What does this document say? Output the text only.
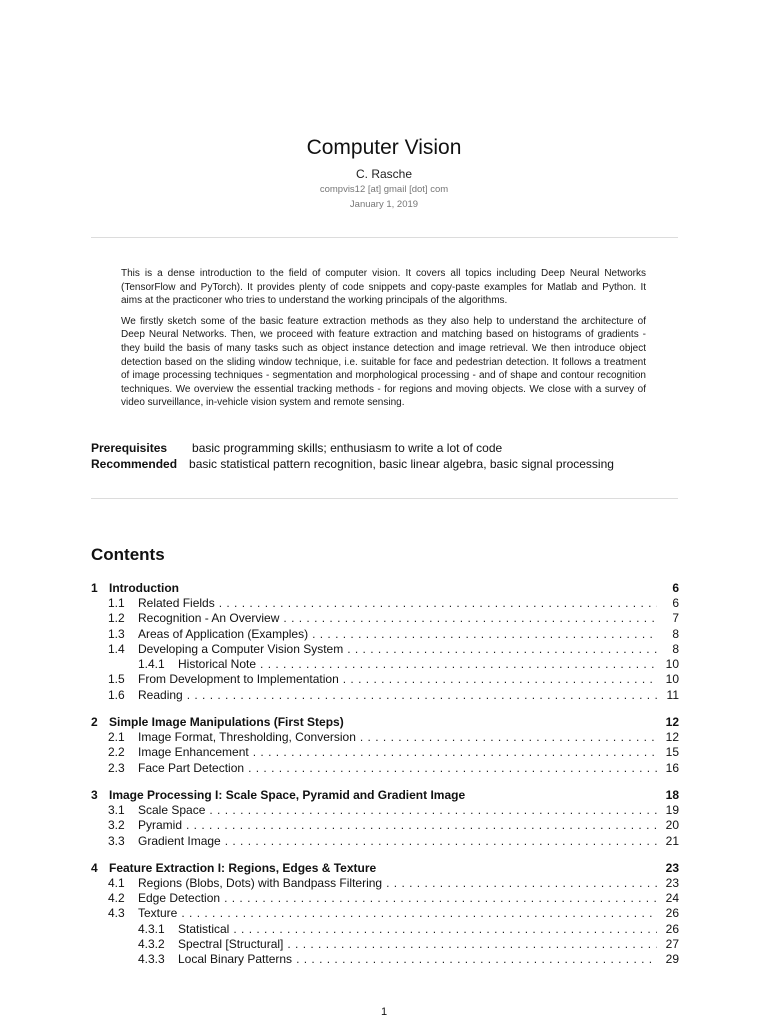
Computer Vision
C. Rasche
compvis12 [at] gmail [dot] com
January 1, 2019

This is a dense introduction to the field of computer vision. It covers all topics including Deep Neural Networks (TensorFlow and PyTorch). It provides plenty of code snippets and copy-paste examples for Matlab and Python. It aims at the practiconer who tries to understand the working principals of the algorithms.

We firstly sketch some of the basic feature extraction methods as they also help to understand the architecture of Deep Neural Networks. Then, we proceed with feature extraction and matching based on histograms of gradients - they build the basis of many tasks such as object instance detection and image retrieval. We then introduce object detection based on the sliding window technique, i.e. suitable for face and pedestrian detection. It follows a treatment of image processing techniques - segmentation and morphological processing - and of shape and contour recognition techniques. We overview the essential tracking methods - for regions and moving objects. We close with a survey of video surveillance, in-vehicle vision system and remote sensing.

Prerequisites basic programming skills; enthusiasm to write a lot of code
Recommended basic statistical pattern recognition, basic linear algebra, basic signal processing
Contents
1 Introduction	6
1.1	Related Fields . . .	6
1.2	Recognition - An Overview . . .	7
1.3	Areas of Application (Examples) . . .	8
1.4	Developing a Computer Vision System . . .	8
1.4.1	Historical Note . . .	10
1.5	From Development to Implementation . . .	10
1.6	Reading . . .	11
2 Simple Image Manipulations (First Steps)	12
2.1	Image Format, Thresholding, Conversion . . .	12
2.2	Image Enhancement . . .	15
2.3	Face Part Detection . . .	16
3 Image Processing I: Scale Space, Pyramid and Gradient Image	18
3.1	Scale Space . . .	19
3.2	Pyramid . . .	20
3.3	Gradient Image . . .	21
4 Feature Extraction I: Regions, Edges & Texture	23
4.1	Regions (Blobs, Dots) with Bandpass Filtering . . .	23
4.2	Edge Detection . . .	24
4.3	Texture . . .	26
4.3.1	Statistical . . .	26
4.3.2	Spectral [Structural] . . .	27
4.3.3	Local Binary Patterns . . .	29
1
